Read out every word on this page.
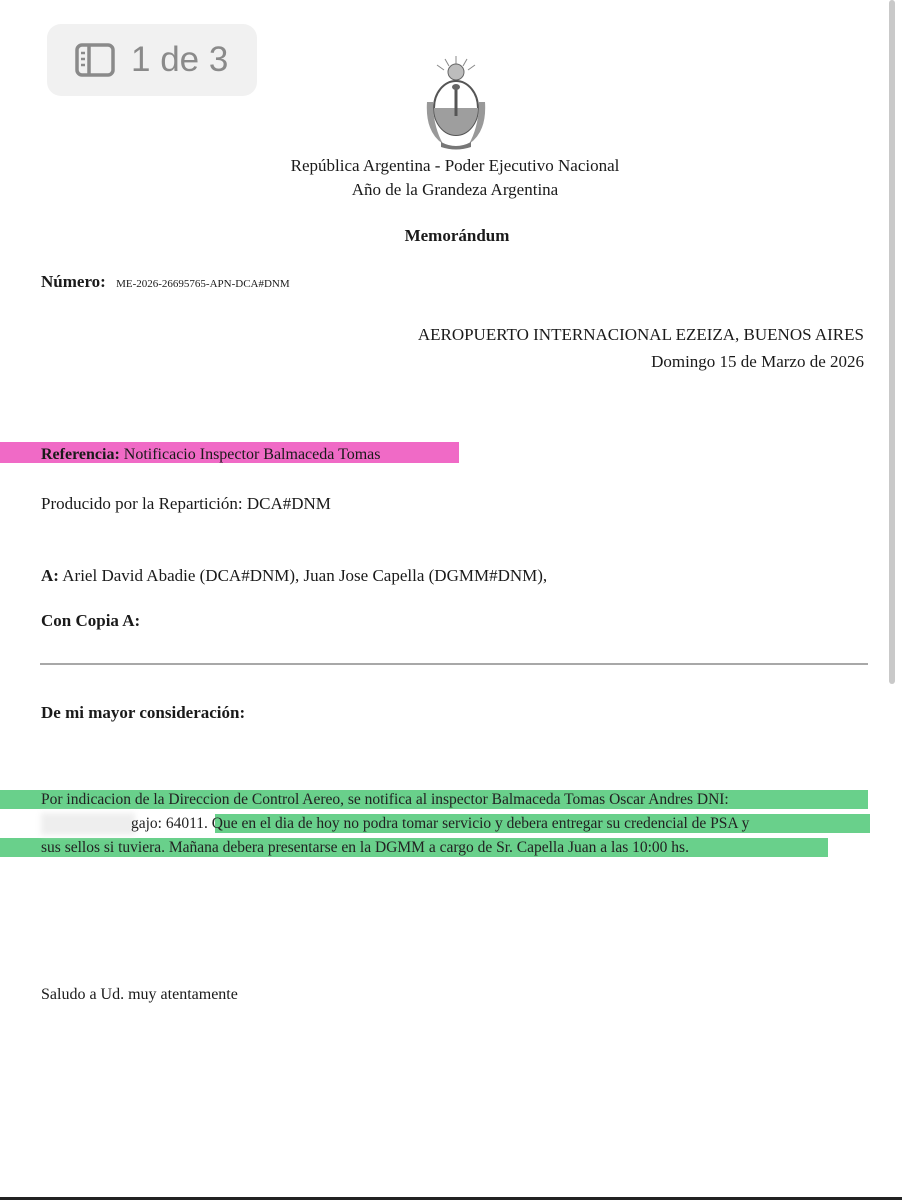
1 de 3
República Argentina - Poder Ejecutivo Nacional
Año de la Grandeza Argentina
Memorándum
Número: ME-2026-26695765-APN-DCA#DNM
AEROPUERTO INTERNACIONAL EZEIZA, BUENOS AIRES
Domingo 15 de Marzo de 2026
Referencia: Notificacio Inspector Balmaceda Tomas
Producido por la Repartición: DCA#DNM
A: Ariel David Abadie (DCA#DNM), Juan Jose Capella (DGMM#DNM),
Con Copia A:
De mi mayor consideración:
Por indicacion de la Direccion de Control Aereo, se notifica al inspector Balmaceda Tomas Oscar Andres DNI:
gajo: 64011. Que en el dia de hoy no podra tomar servicio y debera entregar su credencial de PSA y
sus sellos si tuviera. Mañana debera presentarse en la DGMM a cargo de Sr. Capella Juan a las 10:00 hs.
Saludo a Ud. muy atentamente
